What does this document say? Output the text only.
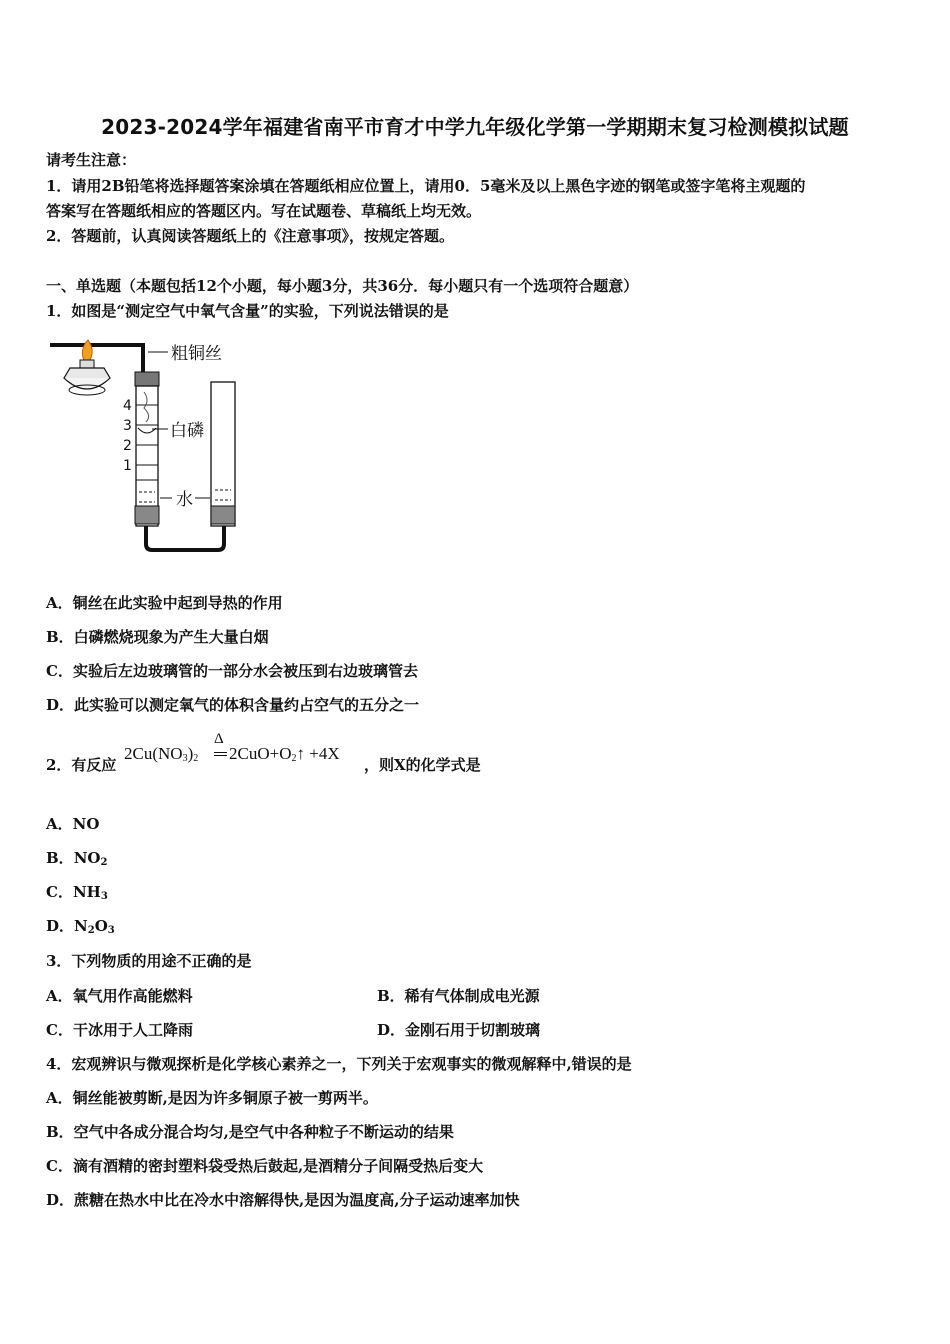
2023-2024学年福建省南平市育才中学九年级化学第一学期期末复习检测模拟试题
请考生注意：
1．请用2B铅笔将选择题答案涂填在答题纸相应位置上，请用0．5毫米及以上黑色字迹的钢笔或签字笔将主观题的
答案写在答题纸相应的答题区内。写在试题卷、草稿纸上均无效。
2．答题前，认真阅读答题纸上的《注意事项》，按规定答题。
一、单选题（本题包括12个小题，每小题3分，共36分．每小题只有一个选项符合题意）
1．如图是“测定空气中氧气含量”的实验，下列说法错误的是
粗铜丝
4
3
2
1
白磷
水
A．铜丝在此实验中起到导热的作用
B．白磷燃烧现象为产生大量白烟
C．实验后左边玻璃管的一部分水会被压到右边玻璃管去
D．此实验可以测定氧气的体积含量约占空气的五分之一
2．有反应
$2Cu(NO_3)_2$
Δ
$2CuO+O_2↑ +4X$
，则X的化学式是
A．NO
B．$NO_2$
C．$NH_3$
D．$N_2O_3$
3．下列物质的用途不正确的是
A．氧气用作高能燃料	B．稀有气体制成电光源
C．干冰用于人工降雨	D．金刚石用于切割玻璃
4．宏观辨识与微观探析是化学核心素养之一，下列关于宏观事实的微观解释中,错误的是
A．铜丝能被剪断,是因为许多铜原子被一剪两半。
B．空气中各成分混合均匀,是空气中各种粒子不断运动的结果
C．滴有酒精的密封塑料袋受热后鼓起,是酒精分子间隔受热后变大
D．蔗糖在热水中比在冷水中溶解得快,是因为温度高,分子运动速率加快
